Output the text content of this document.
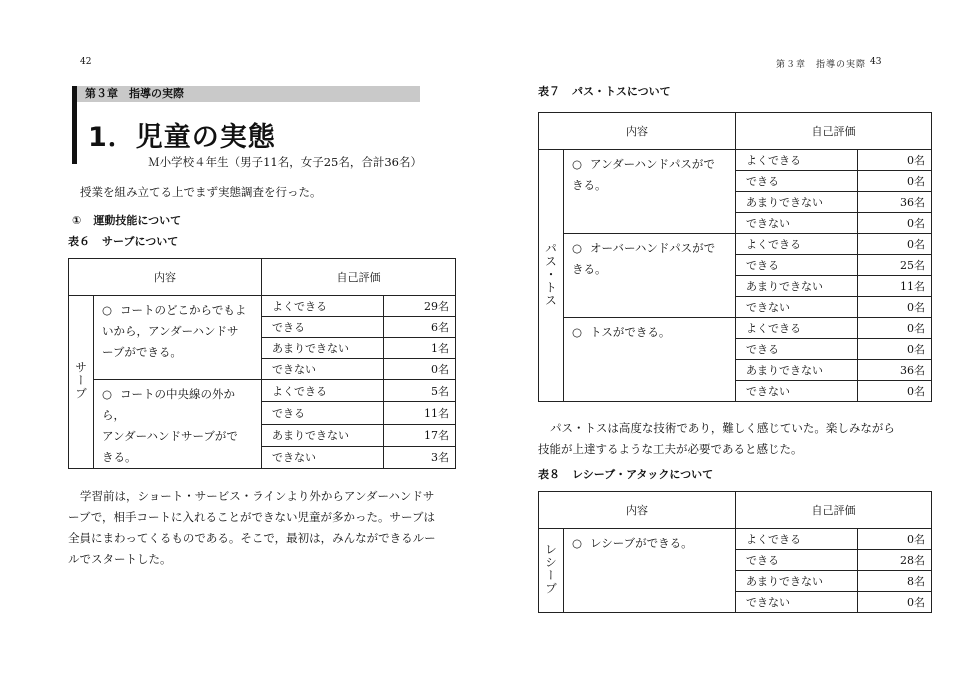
42
第３章　指導の実際
1．児童の実態
Ｍ小学校４年生（男子11名，女子25名，合計36名）
授業を組み立てる上でまず実態調査を行った。
① 運動技能について
表６ サーブについて
内容		自己評価	
サーブ	○ コートのどこからでもよ
いから，アンダーハンドサ
ーブができる。	よくできる	29名
		できる	6名
		あまりできない	1名
		できない	0名
	○ コートの中央線の外から，
アンダーハンドサーブがで
きる。	よくできる	5名
		できる	11名
		あまりできない	17名
		できない	3名
学習前は，ショート・サービス・ラインより外からアンダーハンドサ
ーブで，相手コートに入れることができない児童が多かった。サーブは
全員にまわってくるものである。そこで，最初は，みんなができるルー
ルでスタートした。
第３章　指導の実際 43
表７ パス・トスについて
内容		自己評価	
パス・トス	○ アンダーハンドパスがで
きる。	よくできる	0名
		できる	0名
		あまりできない	36名
		できない	0名
	○ オーバーハンドパスがで
きる。	よくできる	0名
		できる	25名
		あまりできない	11名
		できない	0名
	○ トスができる。	よくできる	0名
		できる	0名
		あまりできない	36名
		できない	0名
パス・トスは高度な技術であり，難しく感じていた。楽しみながら
技能が上達するような工夫が必要であると感じた。
表８ レシーブ・アタックについて
内容		自己評価	
レシーブ	○ レシーブができる。	よくできる	0名
		できる	28名
		あまりできない	8名
		できない	0名
